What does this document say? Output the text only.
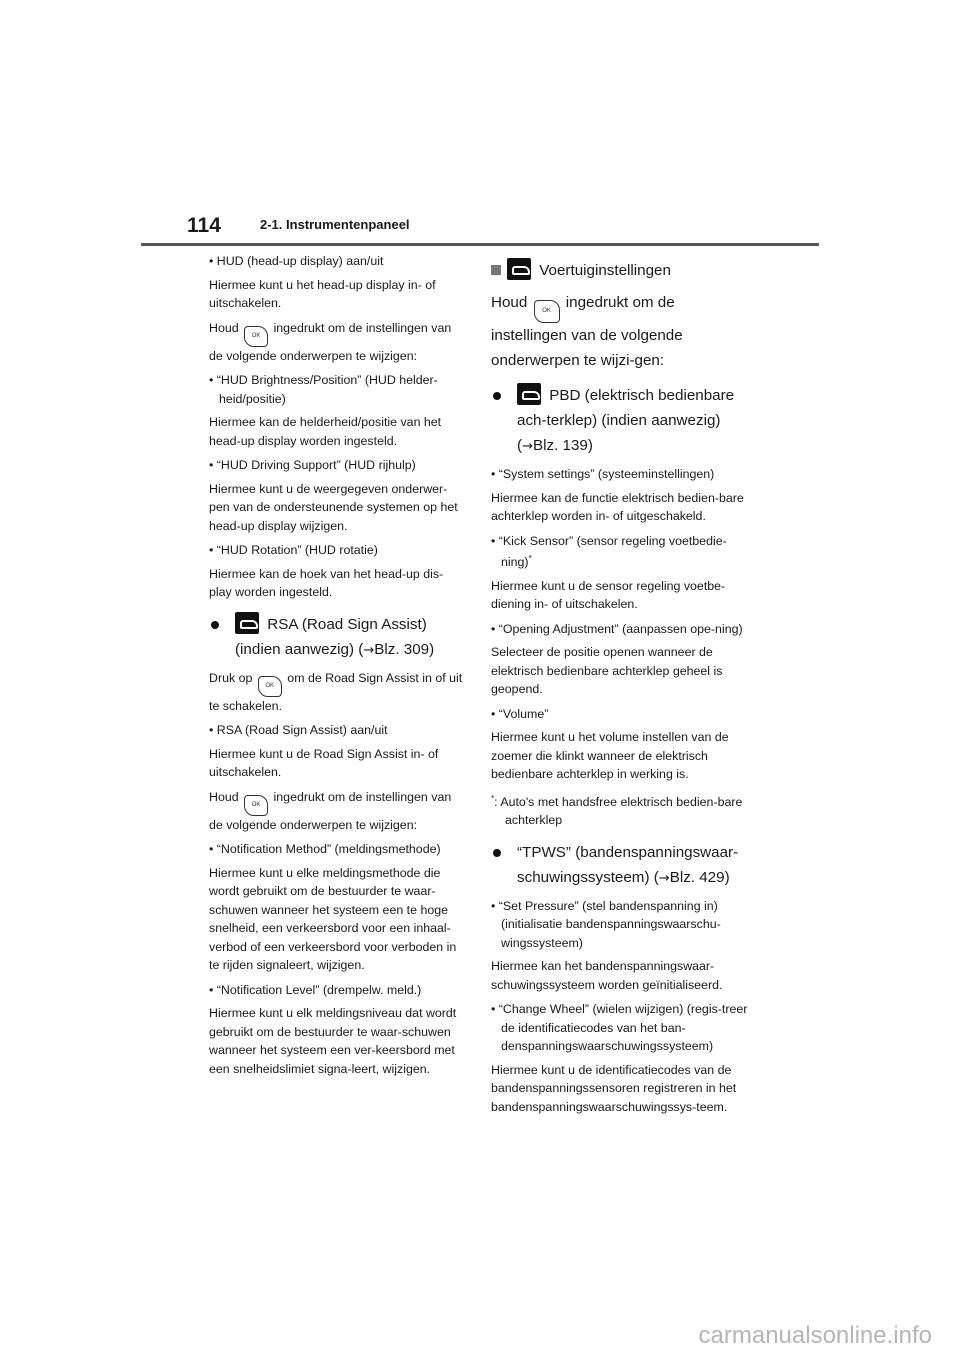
114	2-1. Instrumentenpaneel

• HUD (head-up display) aan/uit

Hiermee kunt u het head-up display in- of uitschakelen.

Houd OK ingedrukt om de instellingen van de volgende onderwerpen te wijzigen:

• “HUD Brightness/Position” (HUD helder-heid/positie)

Hiermee kan de helderheid/positie van het head-up display worden ingesteld.

• “HUD Driving Support” (HUD rijhulp)

Hiermee kunt u de weergegeven onderwer-pen van de ondersteunende systemen op het head-up display wijzigen.

• “HUD Rotation” (HUD rotatie)

Hiermee kan de hoek van het head-up dis-play worden ingesteld.

RSA (Road Sign Assist) (indien aanwezig) (→Blz. 309)

Druk op OK om de Road Sign Assist in of uit te schakelen.

• RSA (Road Sign Assist) aan/uit

Hiermee kunt u de Road Sign Assist in- of uitschakelen.

Houd OK ingedrukt om de instellingen van de volgende onderwerpen te wijzigen:

• “Notification Method” (meldingsmethode)

Hiermee kunt u elke meldingsmethode die wordt gebruikt om de bestuurder te waar-schuwen wanneer het systeem een te hoge snelheid, een verkeersbord voor een inhaal-verbod of een verkeersbord voor verboden in te rijden signaleert, wijzigen.

• “Notification Level” (drempelw. meld.)

Hiermee kunt u elk meldingsniveau dat wordt gebruikt om de bestuurder te waar-schuwen wanneer het systeem een ver-keersbord met een snelheidslimiet signa-leert, wijzigen.

Voertuiginstellingen

Houd OK ingedrukt om de instellingen van de volgende onderwerpen te wijzi-gen:

PBD (elektrisch bedienbare ach-terklep) (indien aanwezig) (→Blz. 139)

• “System settings” (systeeminstellingen)

Hiermee kan de functie elektrisch bedien-bare achterklep worden in- of uitgeschakeld.

• “Kick Sensor” (sensor regeling voetbedie-ning)*

Hiermee kunt u de sensor regeling voetbe-diening in- of uitschakelen.

• “Opening Adjustment” (aanpassen ope-ning)

Selecteer de positie openen wanneer de elektrisch bedienbare achterklep geheel is geopend.

• “Volume”

Hiermee kunt u het volume instellen van de zoemer die klinkt wanneer de elektrisch bedienbare achterklep in werking is.

*: Auto's met handsfree elektrisch bedien-bare achterklep

“TPWS” (bandenspanningswaar-schuwingssysteem) (→Blz. 429)

• “Set Pressure” (stel bandenspanning in) (initialisatie bandenspanningswaarschu-wingssysteem)

Hiermee kan het bandenspanningswaar-schuwingssysteem worden geïnitialiseerd.

• “Change Wheel” (wielen wijzigen) (regis-treer de identificatiecodes van het ban-denspanningswaarschuwingssysteem)

Hiermee kunt u de identificatiecodes van de bandenspanningssensoren registreren in het bandenspanningswaarschuwingssys-teem.

carmanualsonline.info
